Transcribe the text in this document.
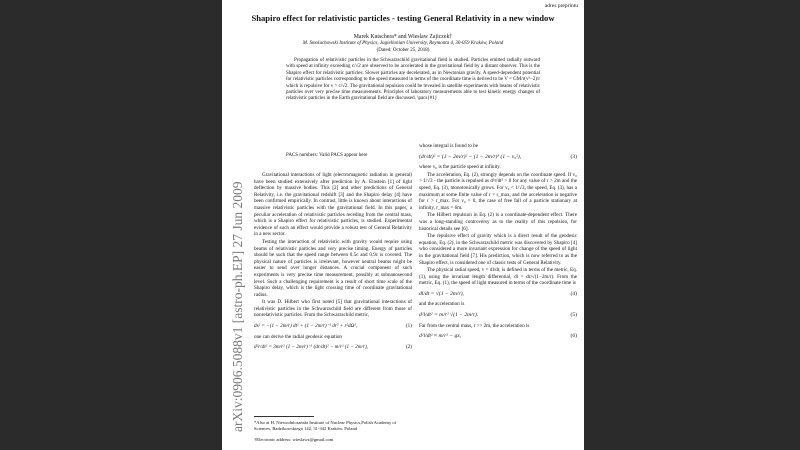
adres preprintu
Shapiro effect for relativistic particles - testing General Relativity in a new window
Marek Kutschera* and Wieslaw Zajiczek†
M. Smoluchowski Institute of Physics, Jagiellonian University, Reymonta 4, 30-059 Kraków, Poland
(Dated: October 25, 2018)
Propagation of relativistic particles in the Schwarzschild gravitational field is studied. Particles emitted radially outward with speed at infinity exceeding c/√2 are observed to be accelerated in the gravitational field by a distant observer. This is the Shapiro effect for relativistic particles. Slower particles are decelerated, as in Newtonian gravity. A speed-dependent potential for relativistic particles corresponding to the speed measured in terms of the coordinate time is derived to be V = GM/r(v²−2)/r which is repulsive for v > c/√2. The gravitational repulsion could be revealed in satellite experiments with beams of relativistic particles over very precise time measurements. Principles of laboratory measurements able to test kinetic energy changes of relativistic particles in the Earth gravitational field are discussed. \pacs{#1}
PACS numbers: Valid PACS appear here

Gravitational interactions of light (electromagnetic radiation in general) have been studied extensively after prediction by A. Einstein [1] of light deflection by massive bodies. This [2] and other predictions of General Relativity, i.e. the gravitational redshift [3] and the Shapiro delay [4] have been confirmed empirically. In contrast, little is known about interactions of massive relativistic particles with the gravitational field. In this paper, a peculiar acceleration of relativistic particles receding from the central mass, which is a Shapiro effect for relativistic particles, is studied. Experimental evidence of such an effect would provide a robust test of General Relativity in a new sector.

Testing the interaction of relativistic with gravity would require using beams of relativistic particles and very precise timing. Energy of particles should be such that the speed range between 0.5c and 0.9c is covered. The physical nature of particles is irrelevant, however neutral beams might be easier to send over longer distances. A crucial component of such experiments is very precise time measurement, possibly at subnanosecond level. Such a challenging requirement is a result of short time scale of the Shapiro delay, which is the light crossing time of coordinate gravitational radius.

It was D. Hilbert who first noted [5] that gravitational interactions of relativistic particles in the Schwarzschild field are different from those of nonrelativistic particles. From the Schwarzschild metric,

ds² = −(1 − 2m/r) dt² + (1 − 2m/r)⁻¹ dr² + r²dΩ²,	(1)

one can derive the radial geodesic equation

d²r/dt² = 3m/r² (1 − 2m/r)⁻¹ (dr/dt)² − m/r² (1 − 2m/r),	(2)
*Also at H. Niewodniczański Institute of Nuclear Physics,Polish Academy of Sciences, Radzikowskiego 142, 31-342 Kraków, Poland
†Electronic address: wieslawz@gmail.com

whose integral is found to be

(dr/dt)² = (1 − 2m/r)² − (1 − 2m/r)³ (1 − v₀²),	(3)

where v₀ is the particle speed at infinity.

The acceleration, Eq. (2), strongly depends on the coordinate speed. If v₀ > 1/√3 - the particle is repulsed as d²r/dt² > 0 for any value of r > 2m and the speed, Eq. (3), monotonically grows. For v₀ < 1/√3, the speed, Eq. (3), has a maximum at some finite value of r = r_max, and the acceleration is negative for r > r_max. For v₀ = 0, the case of free fall of a particle stationary at infinity, r_max = 6m.

The Hilbert repulsion in Eq. (2) is a coordinate-dependent effect. There was a long-standing controversy as to the reality of this repulsion, for historical details see [6].

The repulsive effect of gravity which is a direct result of the geodesic equation, Eq. (2), in the Schwarzschild metric was discovered by Shapiro [4] who considered a more invariant expression for change of the speed of light in the gravitational field [7]. His prediction, which is now referred to as the Shapiro effect, is considered one of classic tests of General Relativity.

The physical radial speed, v = dl/dt, is defined in terms of the metric, Eq. (1), using the invariant length differential, dl = dr/√(1−2m/r). From the metric, Eq. (1), the speed of light measured in terms of the coordinate time is

dl/dt = √(1 − 2m/r),	(4)

and the acceleration is

d²l/dt² = m/r² √(1 − 2m/r).	(5)

Far from the central mass, r >> 2m, the acceleration is

d²l/dt² ≈ m/r² − gx,	(6)
arXiv:0906.5088v1 [astro-ph.EP] 27 Jun 2009
